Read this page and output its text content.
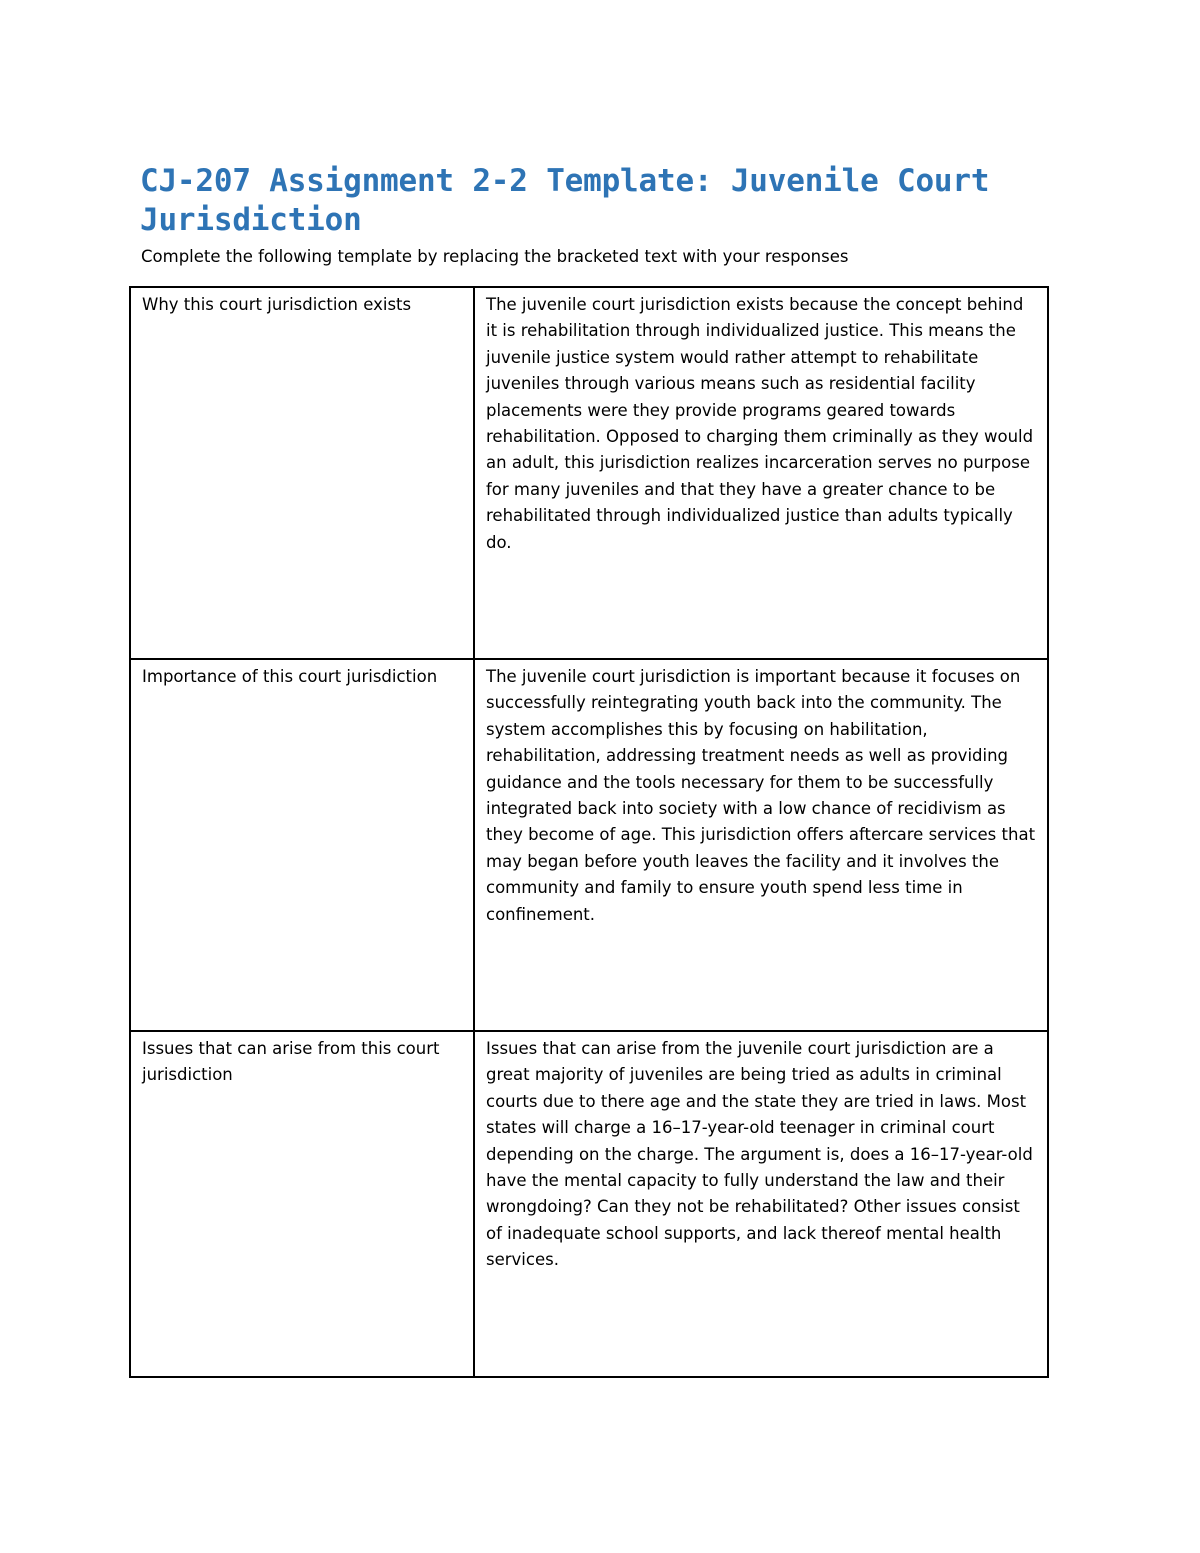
CJ-207 Assignment 2-2 Template: Juvenile Court Jurisdiction

Complete the following template by replacing the bracketed text with your responses

Why this court jurisdiction exists	The juvenile court jurisdiction exists because the concept behind it is rehabilitation through individualized justice. This means the juvenile justice system would rather attempt to rehabilitate juveniles through various means such as residential facility placements were they provide programs geared towards rehabilitation. Opposed to charging them criminally as they would an adult, this jurisdiction realizes incarceration serves no purpose for many juveniles and that they have a greater chance to be rehabilitated through individualized justice than adults typically do.
Importance of this court jurisdiction	The juvenile court jurisdiction is important because it focuses on successfully reintegrating youth back into the community. The system accomplishes this by focusing on habilitation, rehabilitation, addressing treatment needs as well as providing guidance and the tools necessary for them to be successfully integrated back into society with a low chance of recidivism as they become of age. This jurisdiction offers aftercare services that may began before youth leaves the facility and it involves the community and family to ensure youth spend less time in confinement.
Issues that can arise from this court jurisdiction	Issues that can arise from the juvenile court jurisdiction are a great majority of juveniles are being tried as adults in criminal courts due to there age and the state they are tried in laws. Most states will charge a 16–17-year-old teenager in criminal court depending on the charge. The argument is, does a 16–17-year-old have the mental capacity to fully understand the law and their wrongdoing? Can they not be rehabilitated? Other issues consist of inadequate school supports, and lack thereof mental health services.
